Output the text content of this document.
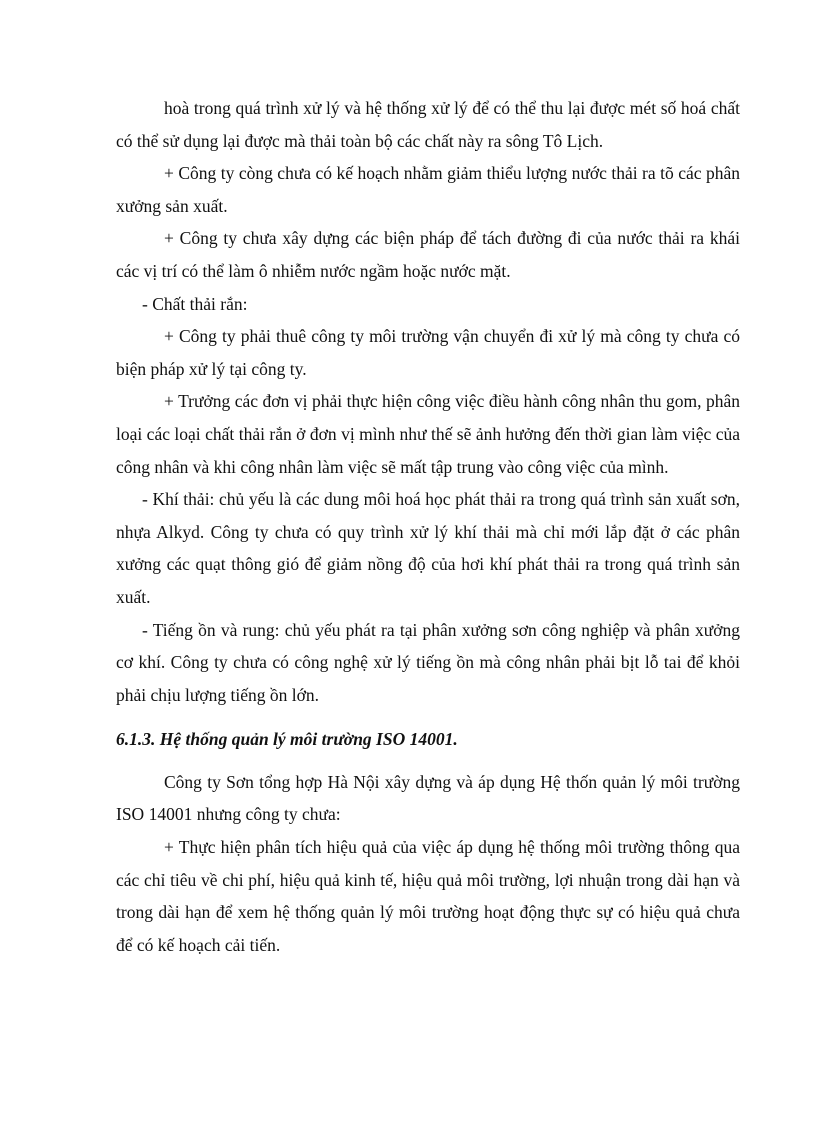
hoà trong quá trình xử lý và hệ thống xử lý để có thể thu lại được mét số hoá chất có thể sử dụng lại được mà thải toàn bộ các chất này ra sông Tô Lịch.

+ Công ty còng chưa có kế hoạch nhằm giảm thiểu lượng nước thải ra tõ các phân xưởng sản xuất.

+ Công ty chưa xây dựng các biện pháp để tách đường đi của nước thải ra khái các vị trí có thể làm ô nhiễm nước ngầm hoặc nước mặt.

- Chất thải rắn:

+ Công ty phải thuê công ty môi trường vận chuyển đi xử lý mà công ty chưa có biện pháp xử lý tại công ty.

+ Trưởng các đơn vị phải thực hiện công việc điều hành công nhân thu gom, phân loại các loại chất thải rắn ở đơn vị mình như thế sẽ ảnh hưởng đến thời gian làm việc của công nhân và khi công nhân làm việc sẽ mất tập trung vào công việc của mình.

- Khí thải: chủ yếu là các dung môi hoá học phát thải ra trong quá trình sản xuất sơn, nhựa Alkyd. Công ty chưa có quy trình xử lý khí thải mà chỉ mới lắp đặt ở các phân xưởng các quạt thông gió để giảm nồng độ của hơi khí phát thải ra trong quá trình sản xuất.

- Tiếng ồn và rung: chủ yếu phát ra tại phân xưởng sơn công nghiệp và phân xưởng cơ khí. Công ty chưa có công nghệ xử lý tiếng ồn mà công nhân phải bịt lỗ tai để khỏi phải chịu lượng tiếng ồn lớn.

6.1.3. Hệ thống quản lý môi trường ISO 14001.

Công ty Sơn tổng hợp Hà Nội xây dựng và áp dụng Hệ thốn quản lý môi trường ISO 14001 nhưng công ty chưa:

+ Thực hiện phân tích hiệu quả của việc áp dụng hệ thống môi trường thông qua các chỉ tiêu về chi phí, hiệu quả kinh tế, hiệu quả môi trường, lợi nhuận trong dài hạn và trong dài hạn để xem hệ thống quản lý môi trường hoạt động thực sự có hiệu quả chưa để có kế hoạch cải tiến.
